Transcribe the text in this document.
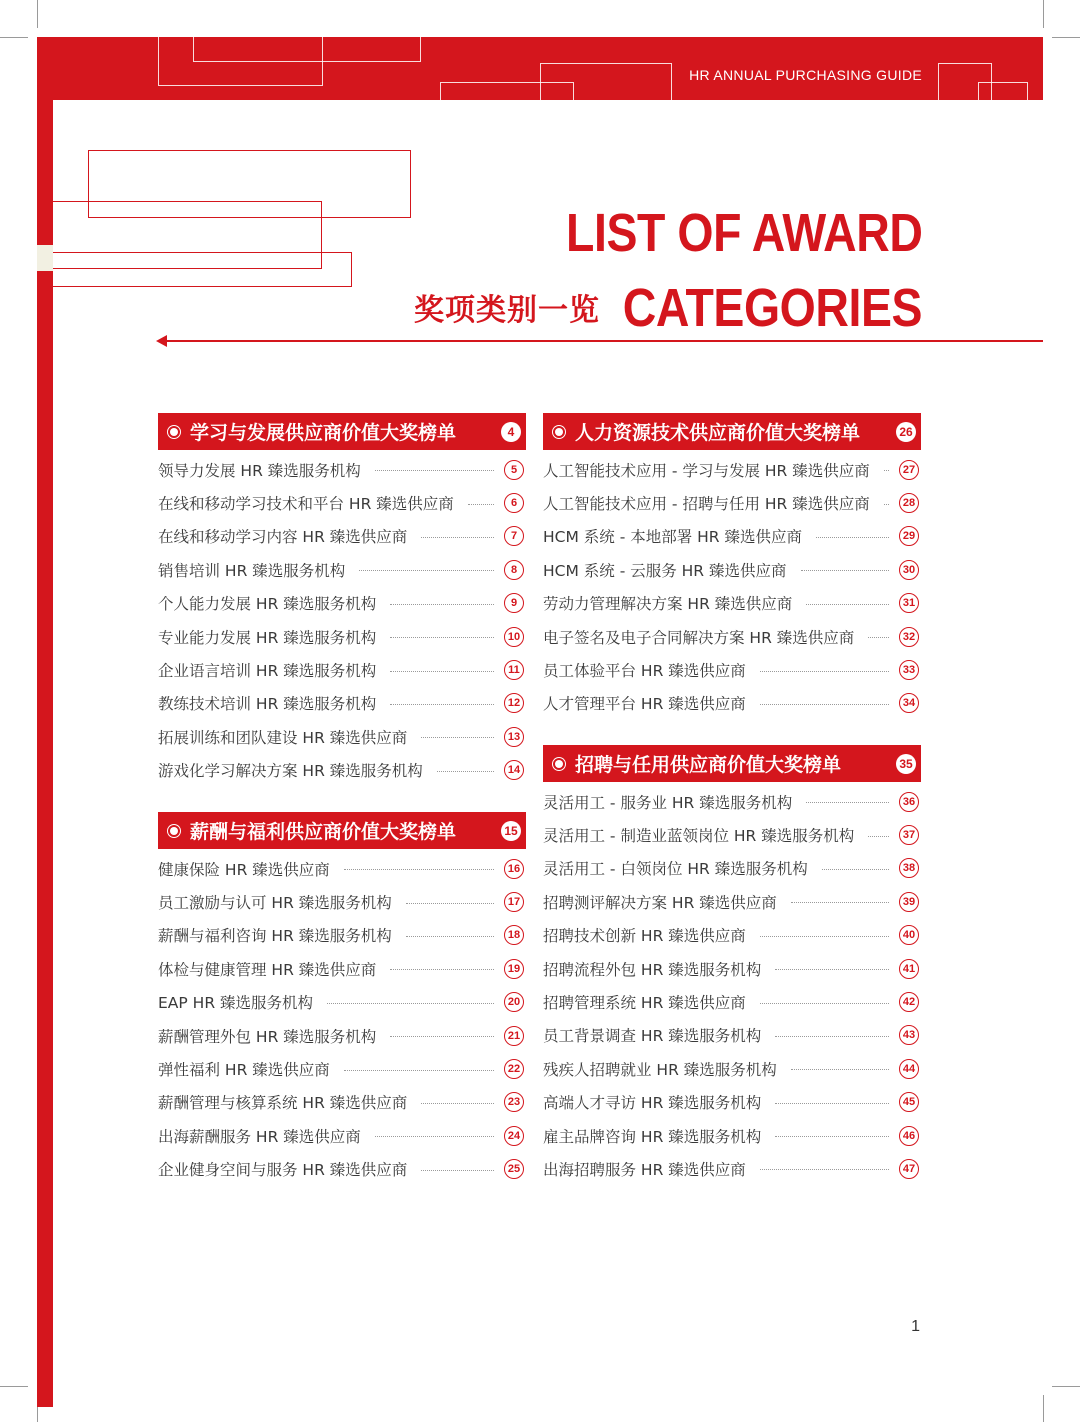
HR ANNUAL PURCHASING GUIDE
LIST OF AWARD
CATEGORIES
奖项类别一览
学习与发展供应商价值大奖榜单	4
领导力发展 HR 臻选服务机构	5
在线和移动学习技术和平台 HR 臻选供应商	6
在线和移动学习内容 HR 臻选供应商	7
销售培训 HR 臻选服务机构	8
个人能力发展 HR 臻选服务机构	9
专业能力发展 HR 臻选服务机构	10
企业语言培训 HR 臻选服务机构	11
教练技术培训 HR 臻选服务机构	12
拓展训练和团队建设 HR 臻选供应商	13
游戏化学习解决方案 HR 臻选服务机构	14
薪酬与福利供应商价值大奖榜单	15
健康保险 HR 臻选供应商	16
员工激励与认可 HR 臻选服务机构	17
薪酬与福利咨询 HR 臻选服务机构	18
体检与健康管理 HR 臻选供应商	19
EAP HR 臻选服务机构	20
薪酬管理外包 HR 臻选服务机构	21
弹性福利 HR 臻选供应商	22
薪酬管理与核算系统 HR 臻选供应商	23
出海薪酬服务 HR 臻选供应商	24
企业健身空间与服务 HR 臻选供应商	25
人力资源技术供应商价值大奖榜单	26
人工智能技术应用 - 学习与发展 HR 臻选供应商	27
人工智能技术应用 - 招聘与任用 HR 臻选供应商	28
HCM 系统 - 本地部署 HR 臻选供应商	29
HCM 系统 - 云服务 HR 臻选供应商	30
劳动力管理解决方案 HR 臻选供应商	31
电子签名及电子合同解决方案 HR 臻选供应商	32
员工体验平台 HR 臻选供应商	33
人才管理平台 HR 臻选供应商	34
招聘与任用供应商价值大奖榜单	35
灵活用工 - 服务业 HR 臻选服务机构	36
灵活用工 - 制造业蓝领岗位 HR 臻选服务机构	37
灵活用工 - 白领岗位 HR 臻选服务机构	38
招聘测评解决方案 HR 臻选供应商	39
招聘技术创新 HR 臻选供应商	40
招聘流程外包 HR 臻选服务机构	41
招聘管理系统 HR 臻选供应商	42
员工背景调查 HR 臻选服务机构	43
残疾人招聘就业 HR 臻选服务机构	44
高端人才寻访 HR 臻选服务机构	45
雇主品牌咨询 HR 臻选服务机构	46
出海招聘服务 HR 臻选供应商	47
1
